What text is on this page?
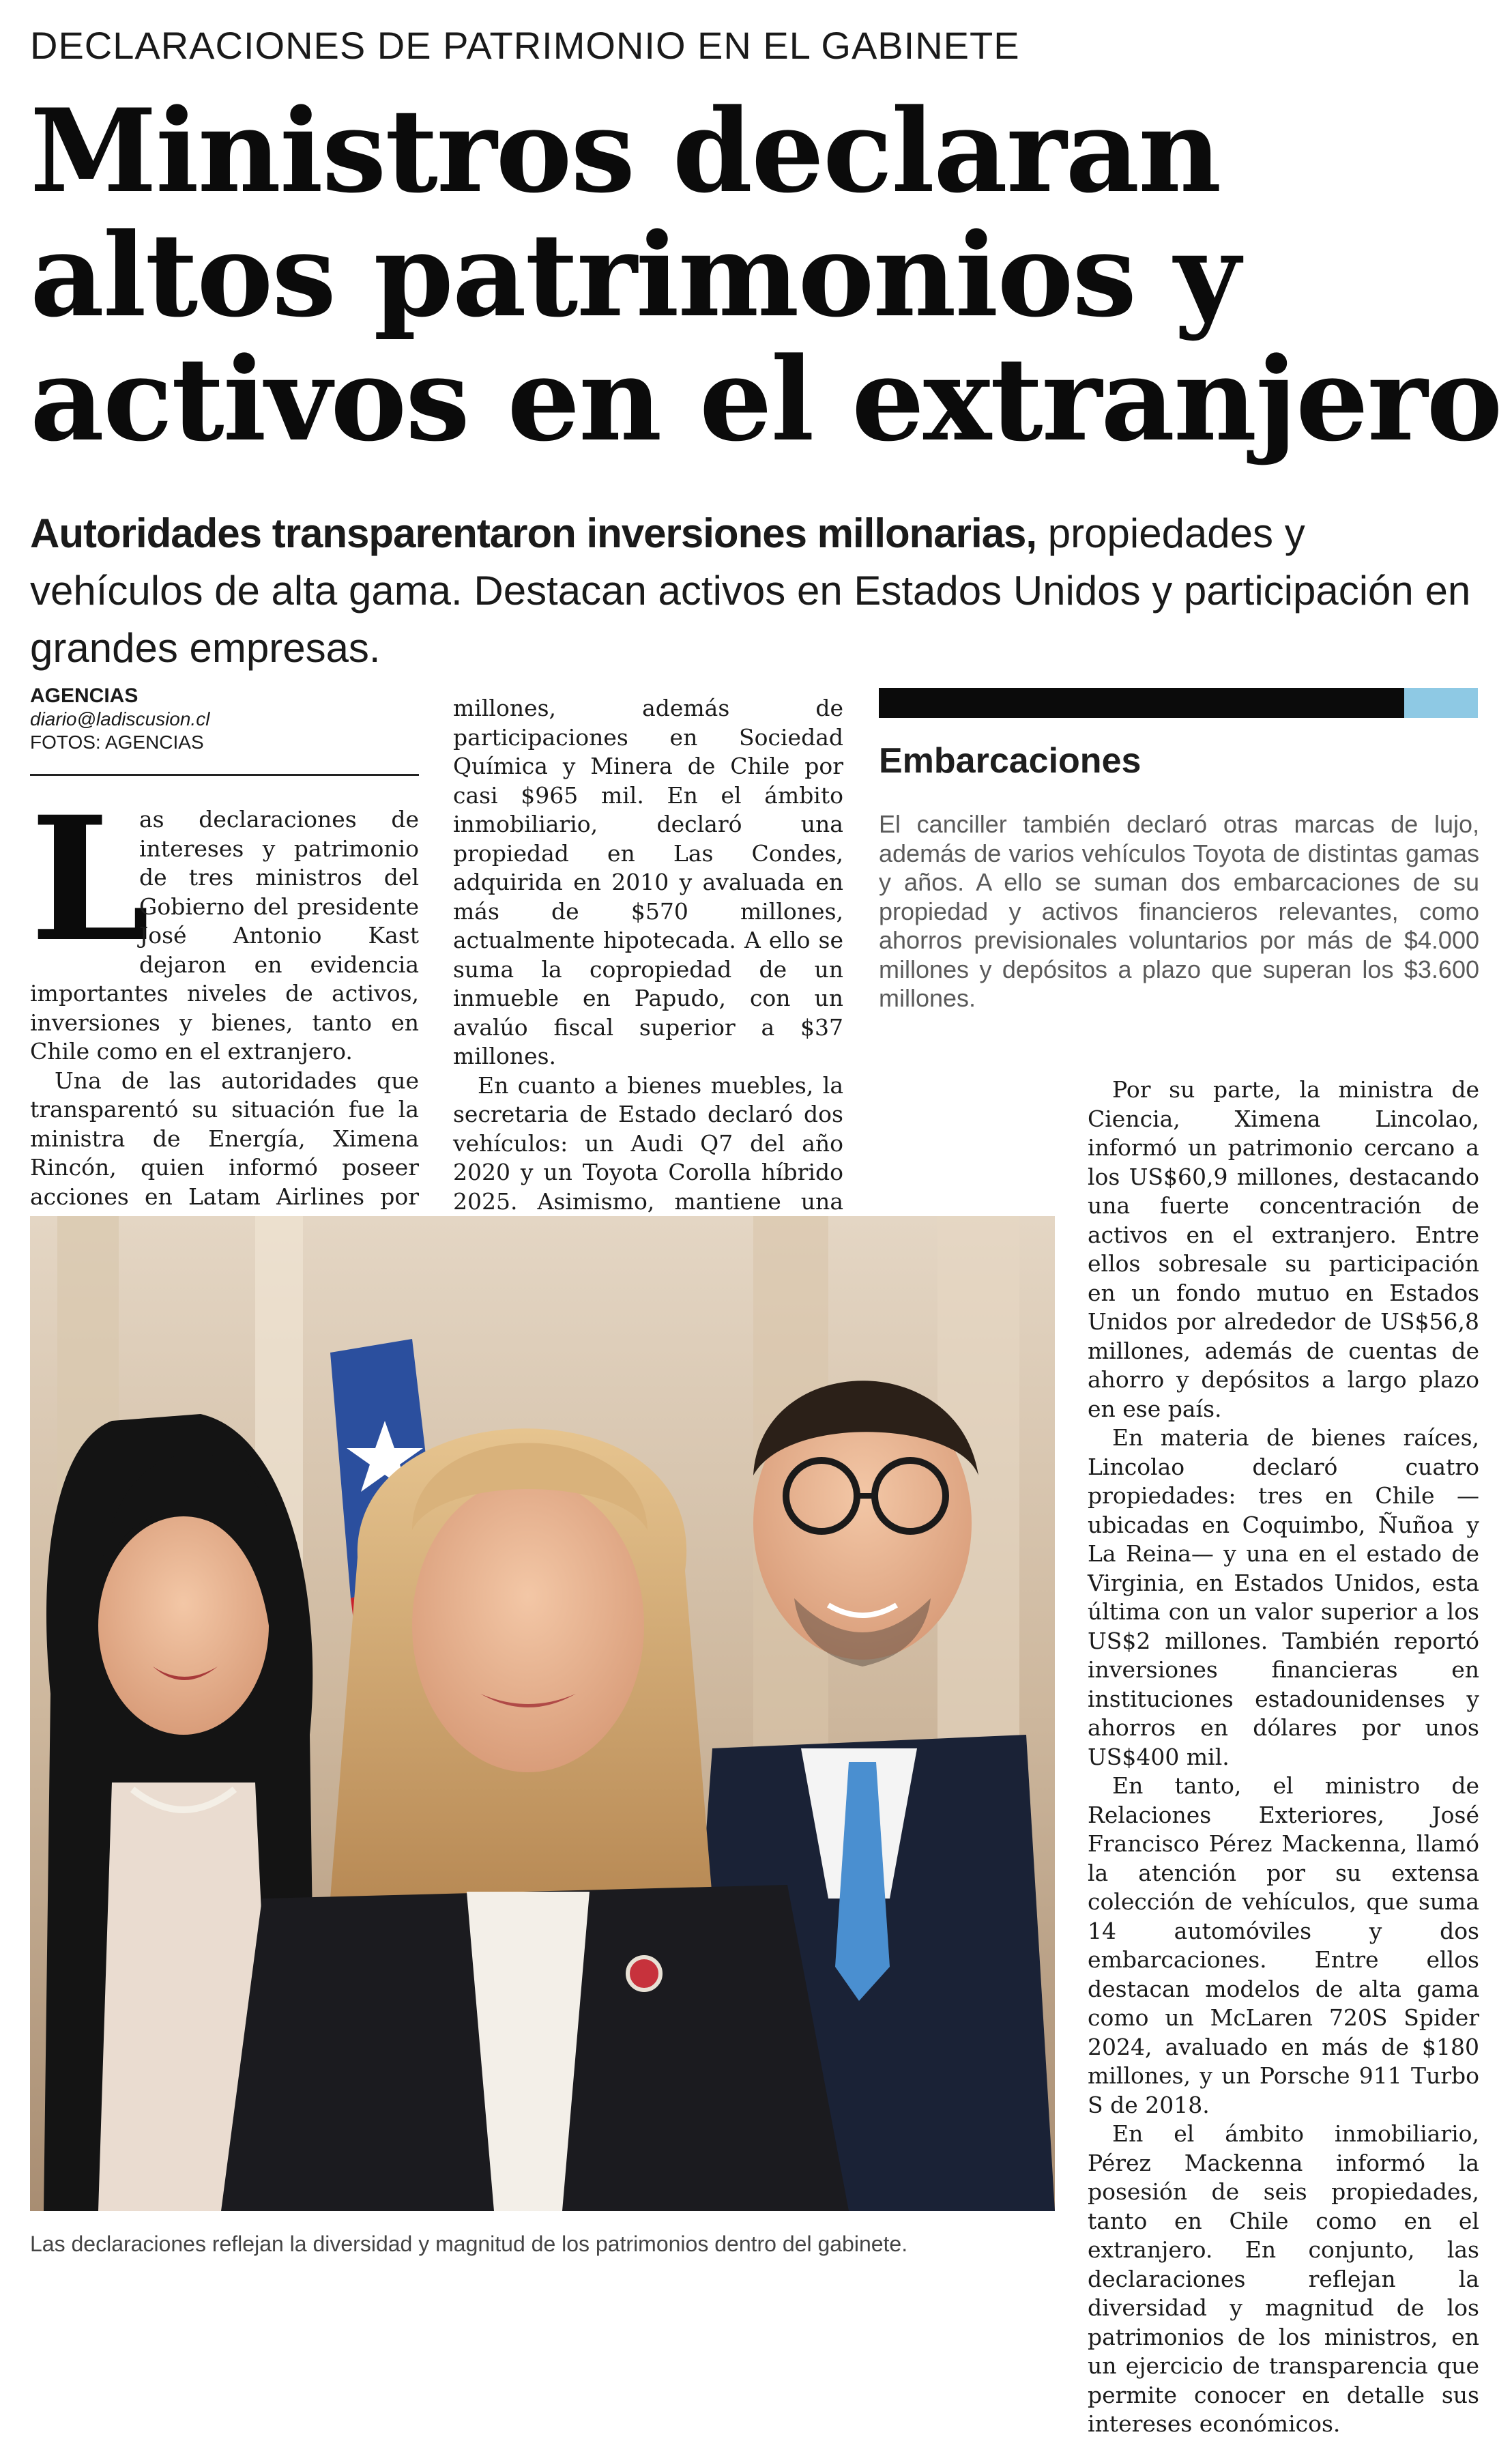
DECLARACIONES DE PATRIMONIO EN EL GABINETE
Ministros declaran
altos patrimonios y
activos en el extranjero
Autoridades transparentaron inversiones millonarias, propiedades y vehículos de alta gama. Destacan activos en Estados Unidos y participación en grandes empresas.
AGENCIAS
diario@ladiscusion.cl
FOTOS: AGENCIAS
L

as declaraciones de intereses y patrimonio de tres ministros del Gobierno del presidente José Antonio Kast dejaron en evidencia importantes niveles de activos, inversiones y bienes, tanto en Chile como en el extranjero.

Una de las autoridades que transparentó su situación fue la ministra de Energía, Ximena Rincón, quien informó poseer acciones en Latam Airlines por

millones, además de participaciones en Sociedad Química y Minera de Chile por casi $965 mil. En el ámbito inmobiliario, declaró una propiedad en Las Condes, adquirida en 2010 y avaluada en más de $570 millones, actualmente hipotecada. A ello se suma la copropiedad de un inmueble en Papudo, con un avalúo fiscal superior a $37 millones.

En cuanto a bienes muebles, la secretaria de Estado declaró dos vehículos: un Audi Q7 del año 2020 y un Toyota Corolla híbrido 2025. Asimismo, mantiene una

Embarcaciones
El canciller también declaró otras marcas de lujo, además de varios vehículos Toyota de distintas gamas y años. A ello se suman dos embarcaciones de su propiedad y activos financieros relevantes, como ahorros previsionales voluntarios por más de $4.000 millones y depósitos a plazo que superan los $3.600 millones.

Por su parte, la ministra de Ciencia, Ximena Lincolao, informó un patrimonio cercano a los US$60,9 millones, destacando una fuerte concentración de activos en el extranjero. Entre ellos sobresale su participación en un fondo mutuo en Estados Unidos por alrededor de US$56,8 millones, además de cuentas de ahorro y depósitos a largo plazo en ese país.

En materia de bienes raíces, Lincolao declaró cuatro propiedades: tres en Chile —ubicadas en Coquimbo, Ñuñoa y La Reina— y una en el estado de Virginia, en Estados Unidos, esta última con un valor superior a los US$2 millones. También reportó inversiones financieras en instituciones estadounidenses y ahorros en dólares por unos US$400 mil.

En tanto, el ministro de Relaciones Exteriores, José Francisco Pérez Mackenna, llamó la atención por su extensa colección de vehículos, que suma 14 automóviles y dos embarcaciones. Entre ellos destacan modelos de alta gama como un McLaren 720S Spider 2024, avaluado en más de $180 millones, y un Porsche 911 Turbo S de 2018.

En el ámbito inmobiliario, Pérez Mackenna informó la posesión de seis propiedades, tanto en Chile como en el extranjero. En conjunto, las declaraciones reflejan la diversidad y magnitud de los patrimonios de los ministros, en un ejercicio de transparencia que permite conocer en detalle sus intereses económicos.

Las declaraciones reflejan la diversidad y magnitud de los patrimonios dentro del gabinete.
